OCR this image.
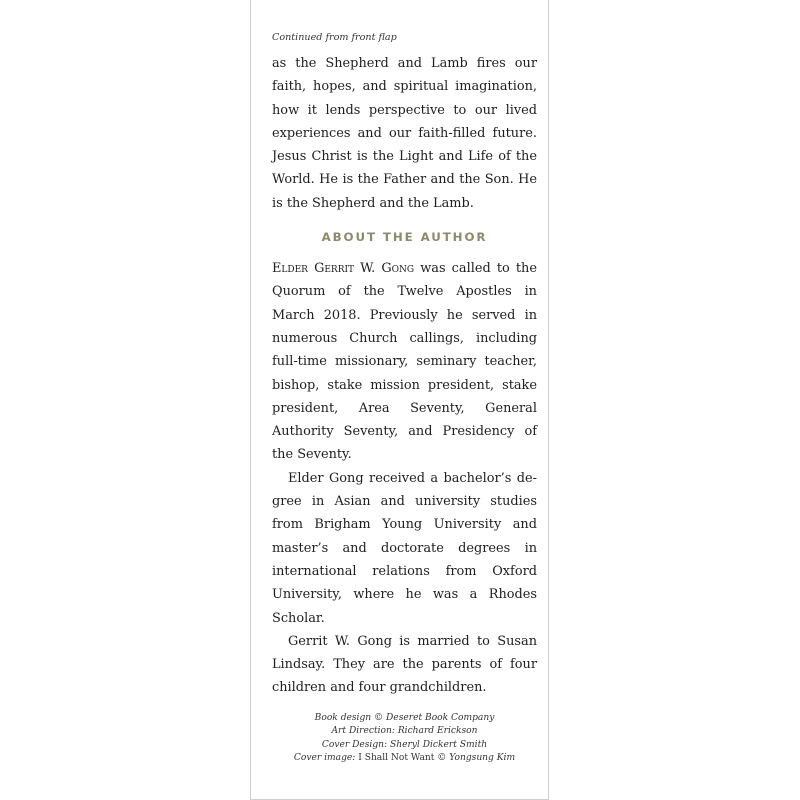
Continued from front flap

as the Shepherd and Lamb fires our faith, hopes, and spiritual imagination, how it lends perspective to our lived experiences and our faith-filled future. Jesus Christ is the Light and Life of the World. He is the Father and the Son. He is the Shepherd and the Lamb.

ABOUT THE AUTHOR

Elder Gerrit W. Gong was called to the Quorum of the Twelve Apostles in March 2018. Previously he served in numerous Church callings, including full-time missionary, seminary teacher, bishop, stake mission president, stake president, Area Seventy, General Authority Seventy, and Presidency of the Seventy.

Elder Gong received a bachelor’s degree in Asian and university studies from Brigham Young University and master’s and doctorate degrees in international relations from Oxford University, where he was a Rhodes Scholar.

Gerrit W. Gong is married to Susan Lindsay. They are the parents of four children and four grandchildren.

Book design © Deseret Book Company
Art Direction: Richard Erickson
Cover Design: Sheryl Dickert Smith
Cover image: I Shall Not Want © Yongsung Kim
